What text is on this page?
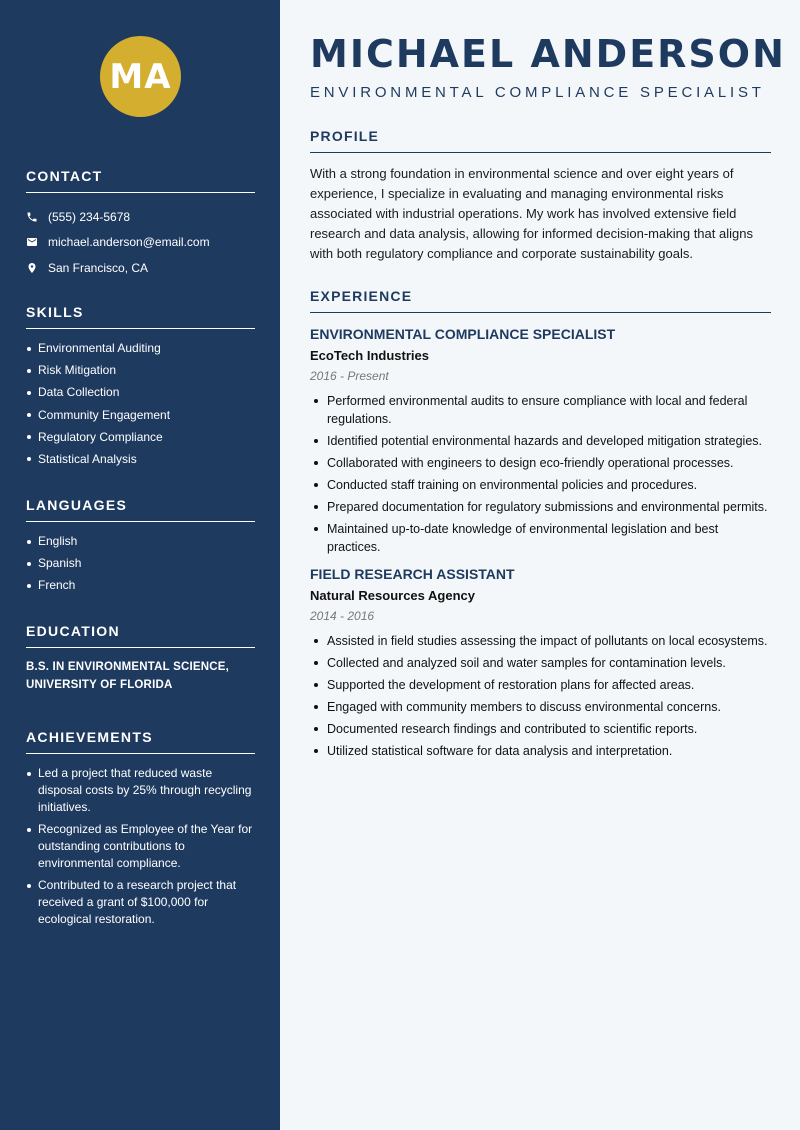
MA
CONTACT
(555) 234-5678
michael.anderson@email.com
San Francisco, CA
SKILLS
Environmental Auditing
Risk Mitigation
Data Collection
Community Engagement
Regulatory Compliance
Statistical Analysis
LANGUAGES
English
Spanish
French
EDUCATION
B.S. IN ENVIRONMENTAL SCIENCE, UNIVERSITY OF FLORIDA
ACHIEVEMENTS
Led a project that reduced waste disposal costs by 25% through recycling initiatives.
Recognized as Employee of the Year for outstanding contributions to environmental compliance.
Contributed to a research project that received a grant of $100,000 for ecological restoration.
MICHAEL ANDERSON
ENVIRONMENTAL COMPLIANCE SPECIALIST
PROFILE

With a strong foundation in environmental science and over eight years of experience, I specialize in evaluating and managing environmental risks associated with industrial operations. My work has involved extensive field research and data analysis, allowing for informed decision-making that aligns with both regulatory compliance and corporate sustainability goals.

EXPERIENCE
ENVIRONMENTAL COMPLIANCE SPECIALIST
EcoTech Industries
2016 - Present
Performed environmental audits to ensure compliance with local and federal regulations.
Identified potential environmental hazards and developed mitigation strategies.
Collaborated with engineers to design eco-friendly operational processes.
Conducted staff training on environmental policies and procedures.
Prepared documentation for regulatory submissions and environmental permits.
Maintained up-to-date knowledge of environmental legislation and best practices.
FIELD RESEARCH ASSISTANT
Natural Resources Agency
2014 - 2016
Assisted in field studies assessing the impact of pollutants on local ecosystems.
Collected and analyzed soil and water samples for contamination levels.
Supported the development of restoration plans for affected areas.
Engaged with community members to discuss environmental concerns.
Documented research findings and contributed to scientific reports.
Utilized statistical software for data analysis and interpretation.
